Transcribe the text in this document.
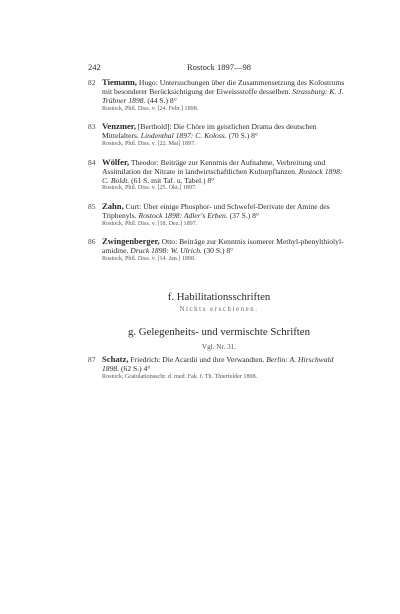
242	Rostock 1897—98
82 Tiemann, Hugo: Untersuchungen über die Zusammensetzung des Kolostrums mit besonderer Berücksichtigung der Eiweissstoffe desselben. Strassburg: K. J. Trübner 1898. (44 S.) 8°
Rostock, Phil. Diss. v. [24. Febr.] 1898.
83 Venzmer, [Berthold]: Die Chöre im geistlichen Drama des deutschen Mittelalters. Lindenthal 1897: C. Koloss. (70 S.) 8°
Rostock, Phil. Diss. v. [22. Mai] 1897.
84 Wölfer, Theodor: Beiträge zur Kenntnis der Aufnahme, Verbreitung und Assimilation der Nitrate in landwirtschaftlichen Kulturpflanzen. Rostock 1898: C. Boldt. (61 S. mit Taf. u. Tabel.) 8°
Rostock, Phil. Diss. v. [25. Okt.] 1897.
85 Zahn, Curt: Über einige Phosphor- und Schwefel-Derivate der Amine des Triphenyls. Rostock 1898: Adler's Erben. (37 S.) 8°
Rostock, Phil. Diss. v. [18. Dez.] 1897.
86 Zwingenberger, Otto: Beiträge zur Kenntnis isomerer Methyl-phenylthiolyl-amidine. Druck 1898: W. Ulrich. (30 S.) 8°
Rostock, Phil. Diss. v. [14. Jan.] 1898.
f. Habilitationsschriften
Nichts erschienen.
g. Gelegenheits- und vermischte Schriften
Vgl. Nr. 31.
87 Schatz, Friedrich: Die Acardii und ihre Verwandten. Berlin: A. Hirschwald 1898. (62 S.) 4°
Rostock, Gratulationsschr. d. med. Fak. f. Th. Thierfelder 1898.
